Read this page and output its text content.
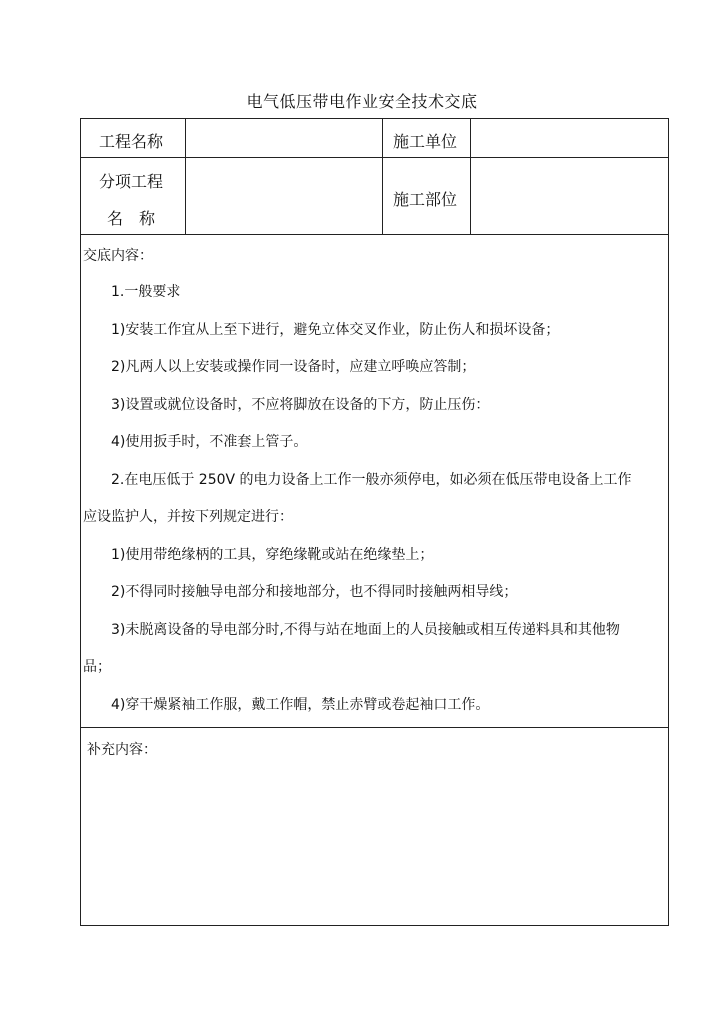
电气低压带电作业安全技术交底
工程名称	施工单位
分项工程
名　称
施工部位
交底内容：

1.一般要求

1)安装工作宜从上至下进行，避免立体交叉作业，防止伤人和损坏设备；

2)凡两人以上安装或操作同一设备时，应建立呼唤应答制；

3)设置或就位设备时，不应将脚放在设备的下方，防止压伤：

4)使用扳手时，不准套上管子。

2.在电压低于 250V 的电力设备上工作一般亦须停电，如必须在低压带电设备上工作

应设监护人，并按下列规定进行：

1)使用带绝缘柄的工具，穿绝缘靴或站在绝缘垫上；

2)不得同时接触导电部分和接地部分，也不得同时接触两相导线；

3)未脱离设备的导电部分时,不得与站在地面上的人员接触或相互传递料具和其他物

品；

4)穿干燥紧袖工作服，戴工作帽，禁止赤臂或卷起袖口工作。

补充内容：
